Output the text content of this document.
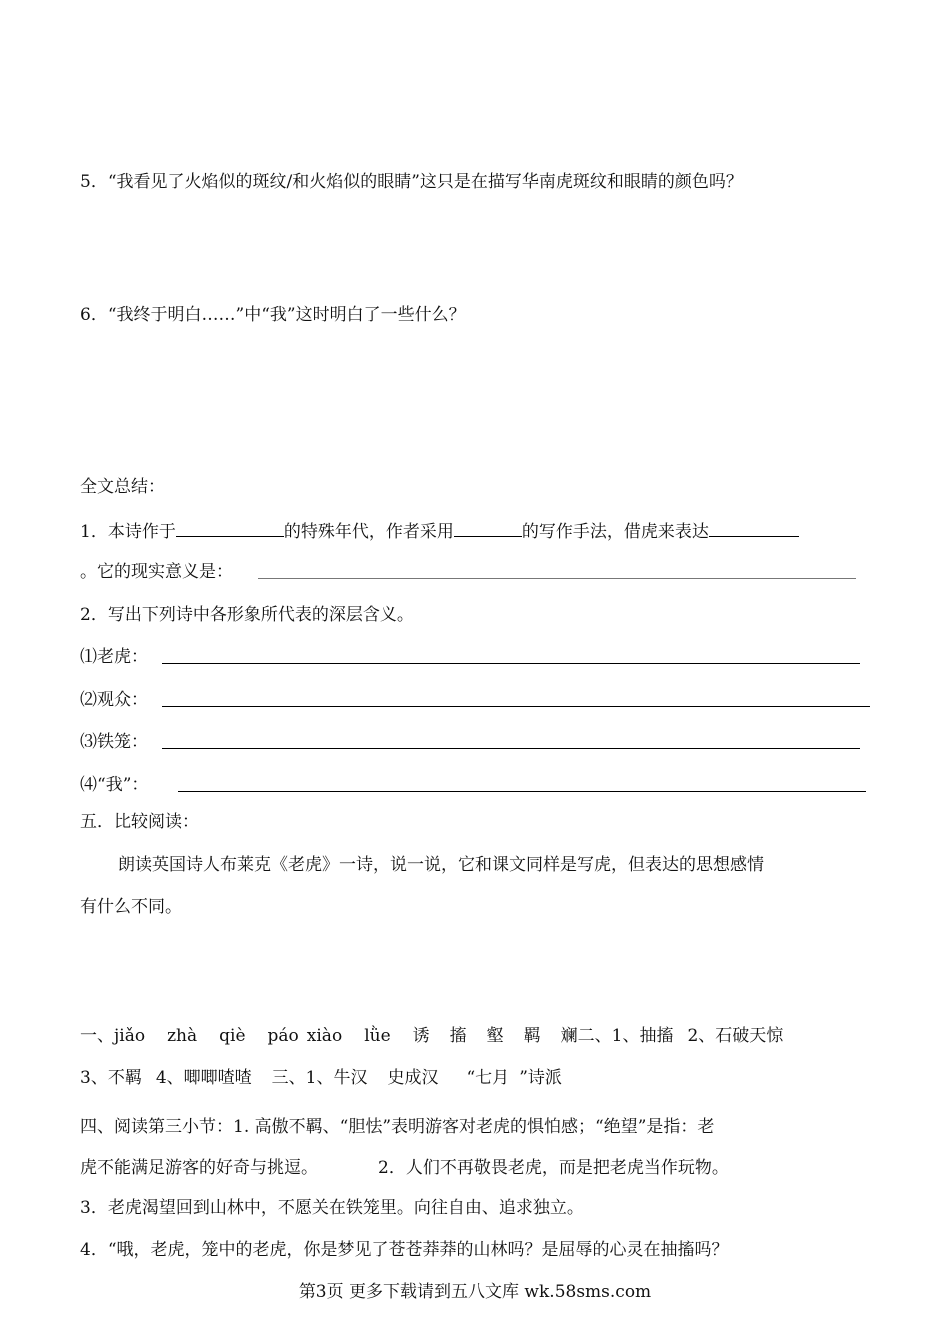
5．“我看见了火焰似的斑纹/和火焰似的眼睛”这只是在描写华南虎斑纹和眼睛的颜色吗？
6．“我终于明白……”中“我”这时明白了一些什么？
全文总结：
1．本诗作于	的特殊年代，作者采用	的写作手法，借虎来表达
。它的现实意义是：
2．写出下列诗中各形象所代表的深层含义。
⑴老虎：
⑵观众：
⑶铁笼：
⑷“我”：
五．比较阅读：
朗读英国诗人布莱克《老虎》一诗，说一说，它和课文同样是写虎，但表达的思想感情
有什么不同。
一、jiǎo zhà qiè páo xiào lǜe 诱 搐 壑 羁 斓二、1、抽搐 2、石破天惊
3、不羁 4、唧唧喳喳 三、1、牛汉 史成汉 “七月 ”诗派
四、阅读第三小节：1. 高傲不羁、“胆怯”表明游客对老虎的惧怕感；“绝望”是指：老
虎不能满足游客的好奇与挑逗。	2．人们不再敬畏老虎，而是把老虎当作玩物。
3．老虎渴望回到山林中，不愿关在铁笼里。向往自由、追求独立。
4．“哦，老虎，笼中的老虎，你是梦见了苍苍莽莽的山林吗？是屈辱的心灵在抽搐吗？
第3页 更多下载请到五八文库 wk.58sms.com
